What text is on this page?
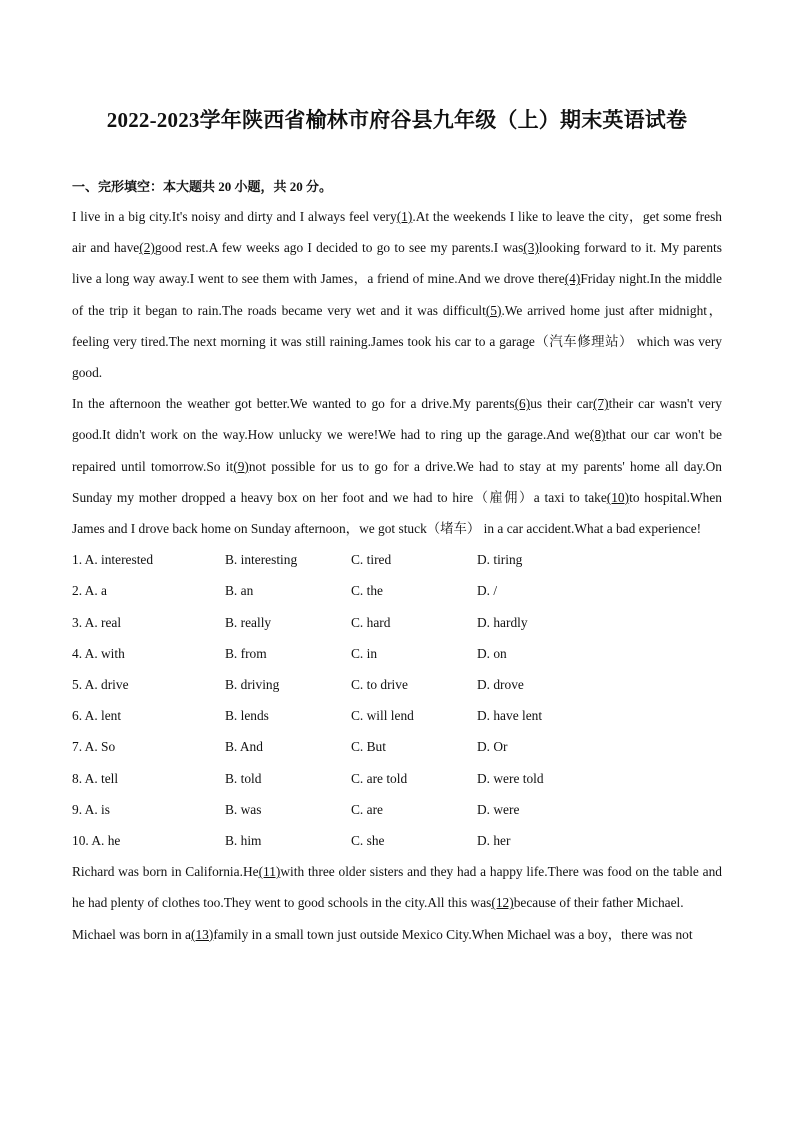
2022-2023学年陕西省榆林市府谷县九年级（上）期末英语试卷
一、完形填空：本大题共 20 小题，共 20 分。

I live in a big city.It's noisy and dirty and I always feel very(1).At the weekends I like to leave the city，get some fresh air and have(2)good rest.A few weeks ago I decided to go to see my parents.I was(3)looking forward to it. My parents live a long way away.I went to see them with James，a friend of mine.And we drove there(4)Friday night.In the middle of the trip it began to rain.The roads became very wet and it was difficult(5).We arrived home just after midnight，feeling very tired.The next morning it was still raining.James took his car to a garage（汽车修理站） which was very good.

In the afternoon the weather got better.We wanted to go for a drive.My parents(6)us their car(7)their car wasn't very good.It didn't work on the way.How unlucky we were!We had to ring up the garage.And we(8)that our car won't be repaired until tomorrow.So it(9)not possible for us to go for a drive.We had to stay at my parents' home all day.On Sunday my mother dropped a heavy box on her foot and we had to hire（雇佣）a taxi to take(10)to hospital.When James and I drove back home on Sunday afternoon，we got stuck（堵车） in a car accident.What a bad experience!

1. A. interested	B. interesting	C. tired	D. tiring
2. A. a	B. an	C. the	D. /
3. A. real	B. really	C. hard	D. hardly
4. A. with	B. from	C. in	D. on
5. A. drive	B. driving	C. to drive	D. drove
6. A. lent	B. lends	C. will lend	D. have lent
7. A. So	B. And	C. But	D. Or
8. A. tell	B. told	C. are told	D. were told
9. A. is	B. was	C. are	D. were
10. A. he	B. him	C. she	D. her

Richard was born in California.He(11)with three older sisters and they had a happy life.There was food on the table and he had plenty of clothes too.They went to good schools in the city.All this was(12)because of their father Michael.

Michael was born in a(13)family in a small town just outside Mexico City.When Michael was a boy，there was not
